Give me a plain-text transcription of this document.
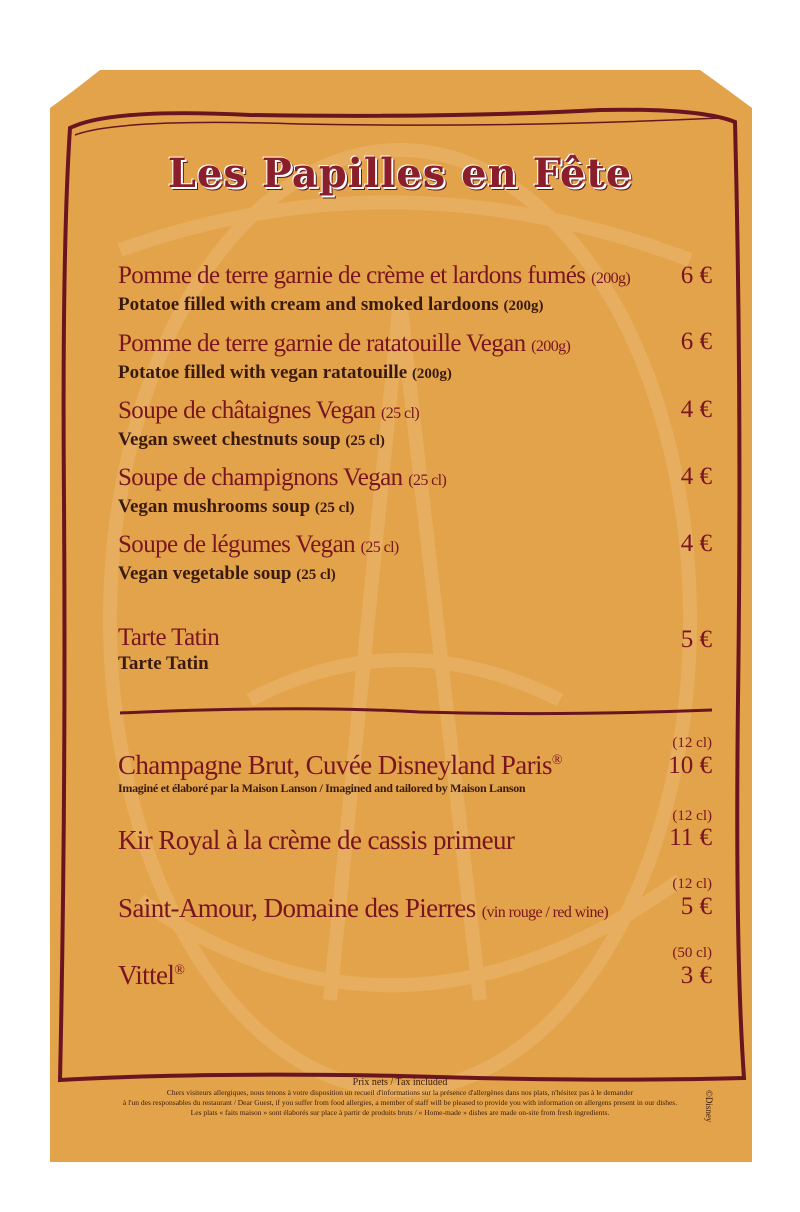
Les Papilles en Fête
Pomme de terre garnie de crème et lardons fumés (200g)
Potatoe filled with cream and smoked lardoons (200g)
6 €
Pomme de terre garnie de ratatouille Vegan (200g)
Potatoe filled with vegan ratatouille (200g)
6 €
Soupe de châtaignes Vegan (25 cl)
Vegan sweet chestnuts soup (25 cl)
4 €
Soupe de champignons Vegan (25 cl)
Vegan mushrooms soup (25 cl)
4 €
Soupe de légumes Vegan (25 cl)
Vegan vegetable soup (25 cl)
4 €
Tarte Tatin
Tarte Tatin
5 €
(12 cl)
Champagne Brut, Cuvée Disneyland Paris®
Imaginé et élaboré par la Maison Lanson / Imagined and tailored by Maison Lanson
10 €
(12 cl)
Kir Royal à la crème de cassis primeur	11 €
(12 cl)
Saint-Amour, Domaine des Pierres (vin rouge / red wine)	5 €
(50 cl)
Vittel®	3 €
Prix nets / Tax included
Chers visiteurs allergiques, nous tenons à votre disposition un recueil d'informations sur la présence d'allergènes dans nos plats, n'hésitez pas à le demander
à l'un des responsables du restaurant / Dear Guest, if you suffer from food allergies, a member of staff will be pleased to provide you with information on allergens present in our dishes.
Les plats « faits maison » sont élaborés sur place à partir de produits bruts / « Home-made » dishes are made on-site from fresh ingredients.	©Disney
